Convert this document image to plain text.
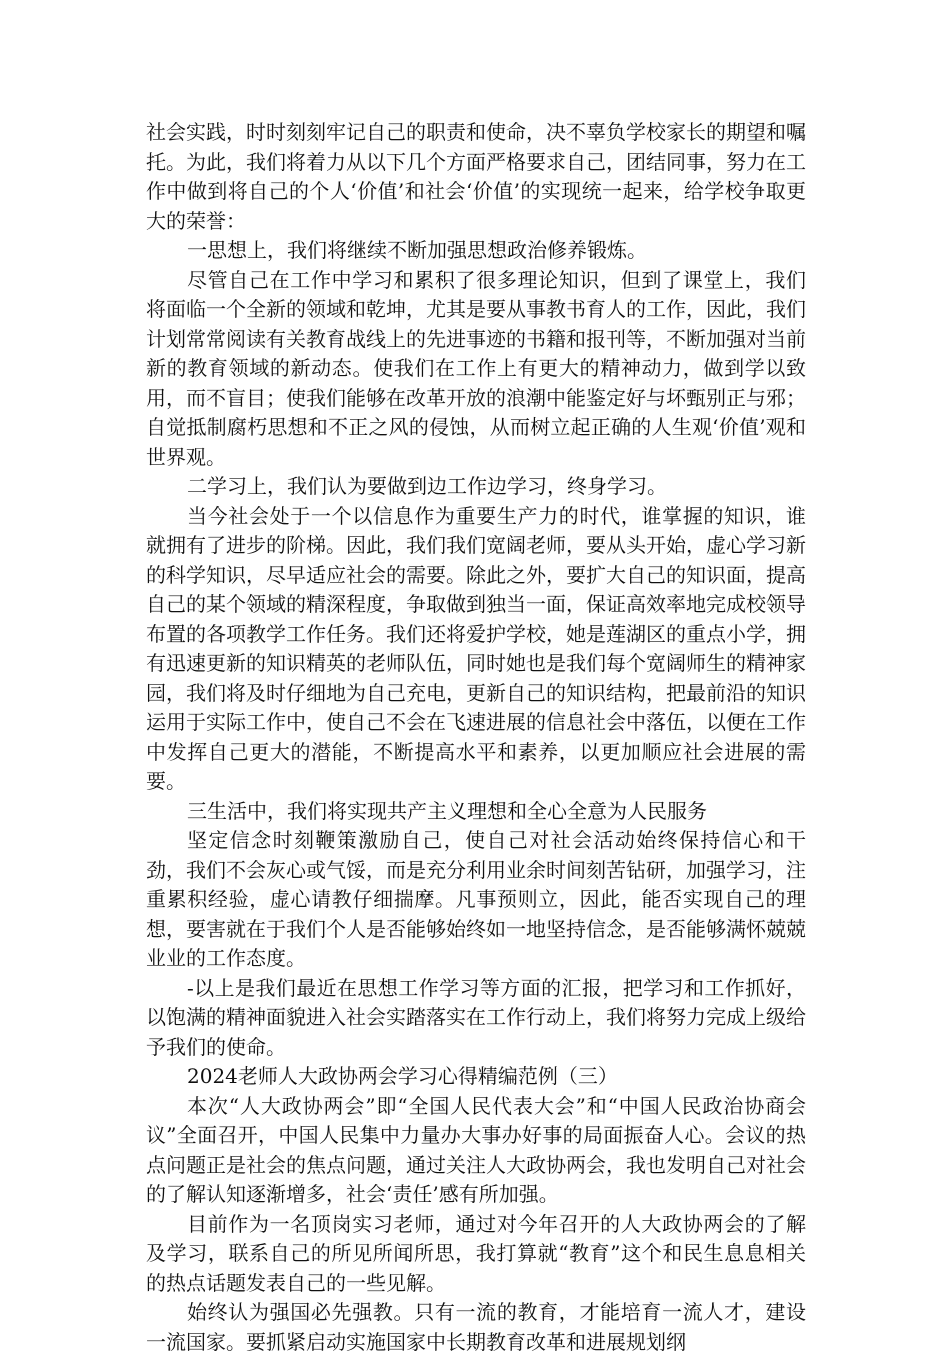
社会实践，时时刻刻牢记自己的职责和使命，决不辜负学校家长的期望和嘱托。为此，我们将着力从以下几个方面严格要求自己，团结同事，努力在工作中做到将自己的个人‘价值’和社会‘价值’的实现统一起来，给学校争取更大的荣誉：

一思想上，我们将继续不断加强思想政治修养锻炼。

尽管自己在工作中学习和累积了很多理论知识，但到了课堂上，我们将面临一个全新的领域和乾坤，尤其是要从事教书育人的工作，因此，我们计划常常阅读有关教育战线上的先进事迹的书籍和报刊等，不断加强对当前新的教育领域的新动态。使我们在工作上有更大的精神动力，做到学以致用，而不盲目；使我们能够在改革开放的浪潮中能鉴定好与坏甄别正与邪；自觉抵制腐朽思想和不正之风的侵蚀，从而树立起正确的人生观‘价值’观和世界观。

二学习上，我们认为要做到边工作边学习，终身学习。

当今社会处于一个以信息作为重要生产力的时代，谁掌握的知识，谁就拥有了进步的阶梯。因此，我们我们宽阔老师，要从头开始，虚心学习新的科学知识，尽早适应社会的需要。除此之外，要扩大自己的知识面，提高自己的某个领域的精深程度，争取做到独当一面，保证高效率地完成校领导布置的各项教学工作任务。我们还将爱护学校，她是莲湖区的重点小学，拥有迅速更新的知识精英的老师队伍，同时她也是我们每个宽阔师生的精神家园，我们将及时仔细地为自己充电，更新自己的知识结构，把最前沿的知识运用于实际工作中，使自己不会在飞速进展的信息社会中落伍，以便在工作中发挥自己更大的潜能，不断提高水平和素养，以更加顺应社会进展的需要。

三生活中，我们将实现共产主义理想和全心全意为人民服务

坚定信念时刻鞭策激励自己，使自己对社会活动始终保持信心和干劲，我们不会灰心或气馁，而是充分利用业余时间刻苦钻研，加强学习，注重累积经验，虚心请教仔细揣摩。凡事预则立，因此，能否实现自己的理想，要害就在于我们个人是否能够始终如一地坚持信念，是否能够满怀兢兢业业的工作态度。

-以上是我们最近在思想工作学习等方面的汇报，把学习和工作抓好，以饱满的精神面貌进入社会实踏落实在工作行动上，我们将努力完成上级给予我们的使命。

2024老师人大政协两会学习心得精编范例（三）

本次“人大政协两会”即“全国人民代表大会”和“中国人民政治协商会议”全面召开，中国人民集中力量办大事办好事的局面振奋人心。会议的热点问题正是社会的焦点问题，通过关注人大政协两会，我也发明自己对社会的了解认知逐渐增多，社会‘责任’感有所加强。

目前作为一名顶岗实习老师，通过对今年召开的人大政协两会的了解及学习，联系自己的所见所闻所思，我打算就“教育”这个和民生息息相关的热点话题发表自己的一些见解。

始终认为强国必先强教。只有一流的教育，才能培育一流人才，建设一流国家。要抓紧启动实施国家中长期教育改革和进展规划纲
